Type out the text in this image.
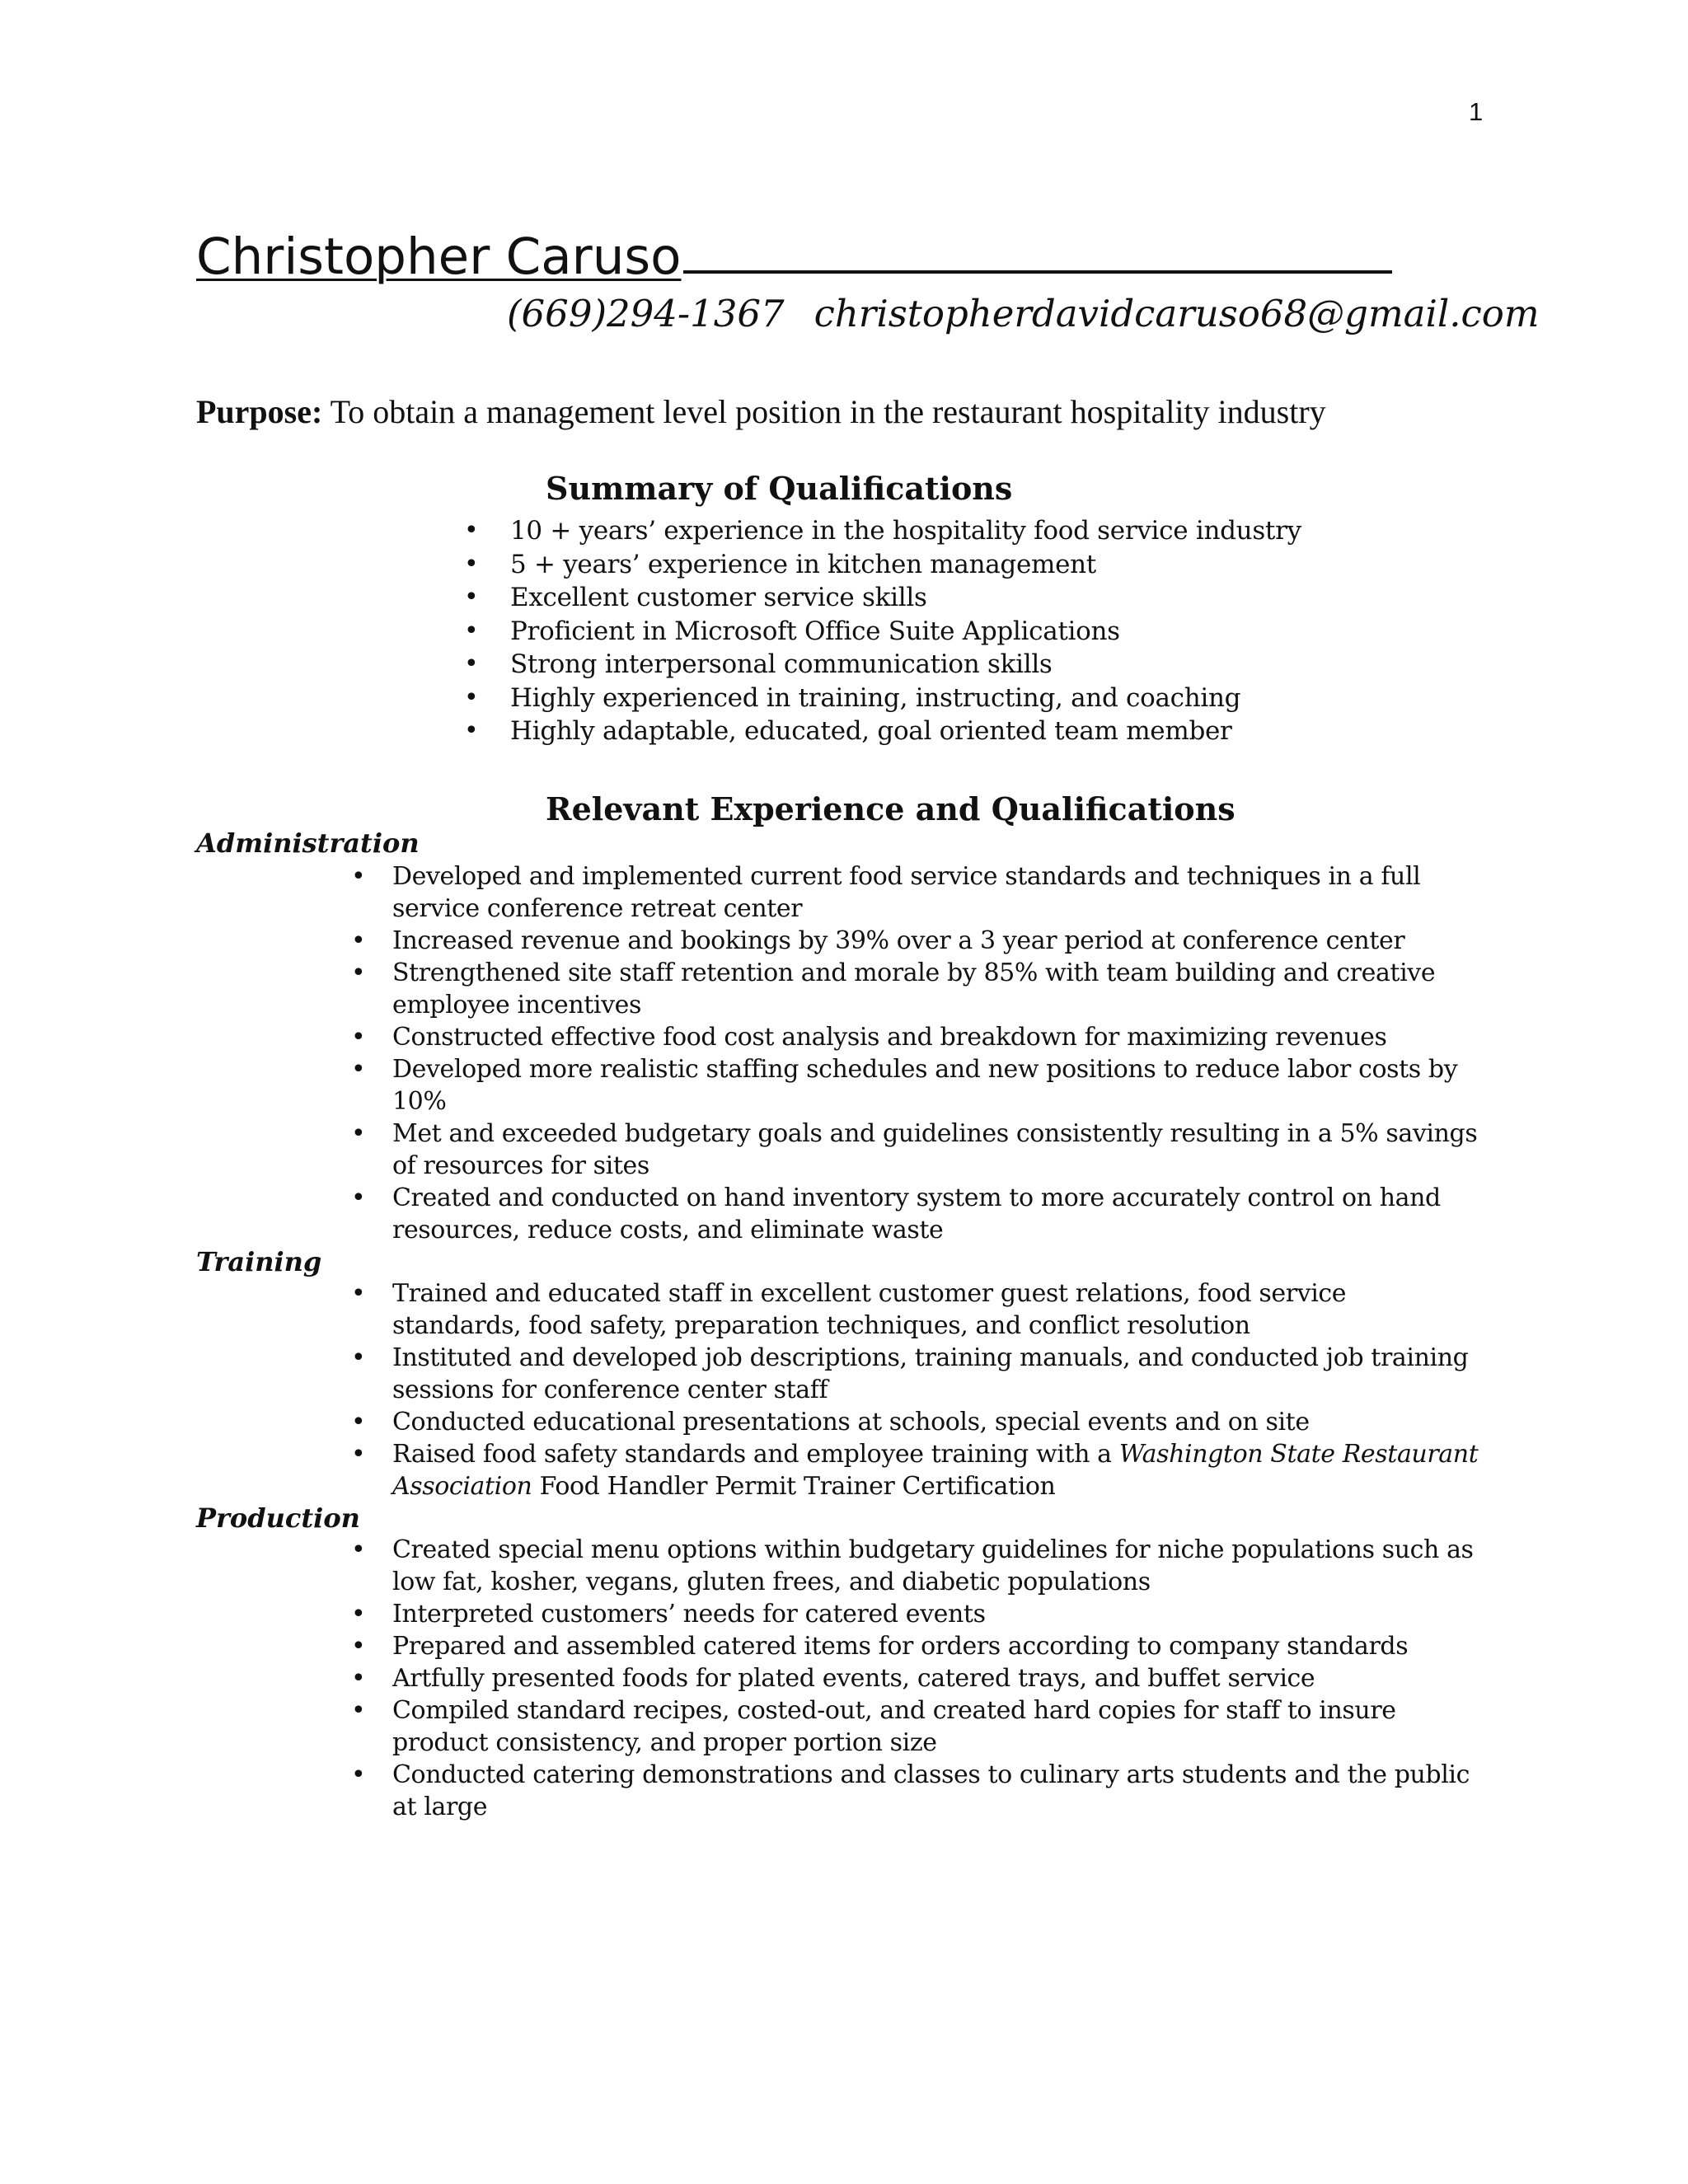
1
Christopher Caruso
(669)294-1367 christopherdavidcaruso68@gmail.com
Purpose: To obtain a management level position in the restaurant hospitality industry
Summary of Qualifications
• 10 + years’ experience in the hospitality food service industry
• 5 + years’ experience in kitchen management
• Excellent customer service skills
• Proficient in Microsoft Office Suite Applications
• Strong interpersonal communication skills
• Highly experienced in training, instructing, and coaching
• Highly adaptable, educated, goal oriented team member
Relevant Experience and Qualifications
Administration
• Developed and implemented current food service standards and techniques in a full service conference retreat center
• Increased revenue and bookings by 39% over a 3 year period at conference center
• Strengthened site staff retention and morale by 85% with team building and creative employee incentives
• Constructed effective food cost analysis and breakdown for maximizing revenues
• Developed more realistic staffing schedules and new positions to reduce labor costs by 10%
• Met and exceeded budgetary goals and guidelines consistently resulting in a 5% savings of resources for sites
• Created and conducted on hand inventory system to more accurately control on hand resources, reduce costs, and eliminate waste
Training
• Trained and educated staff in excellent customer guest relations, food service standards, food safety, preparation techniques, and conflict resolution
• Instituted and developed job descriptions, training manuals, and conducted job training sessions for conference center staff
• Conducted educational presentations at schools, special events and on site
• Raised food safety standards and employee training with a Washington State Restaurant Association Food Handler Permit Trainer Certification
Production
• Created special menu options within budgetary guidelines for niche populations such as low fat, kosher, vegans, gluten frees, and diabetic populations
• Interpreted customers’ needs for catered events
• Prepared and assembled catered items for orders according to company standards
• Artfully presented foods for plated events, catered trays, and buffet service
• Compiled standard recipes, costed-out, and created hard copies for staff to insure product consistency, and proper portion size
• Conducted catering demonstrations and classes to culinary arts students and the public at large
